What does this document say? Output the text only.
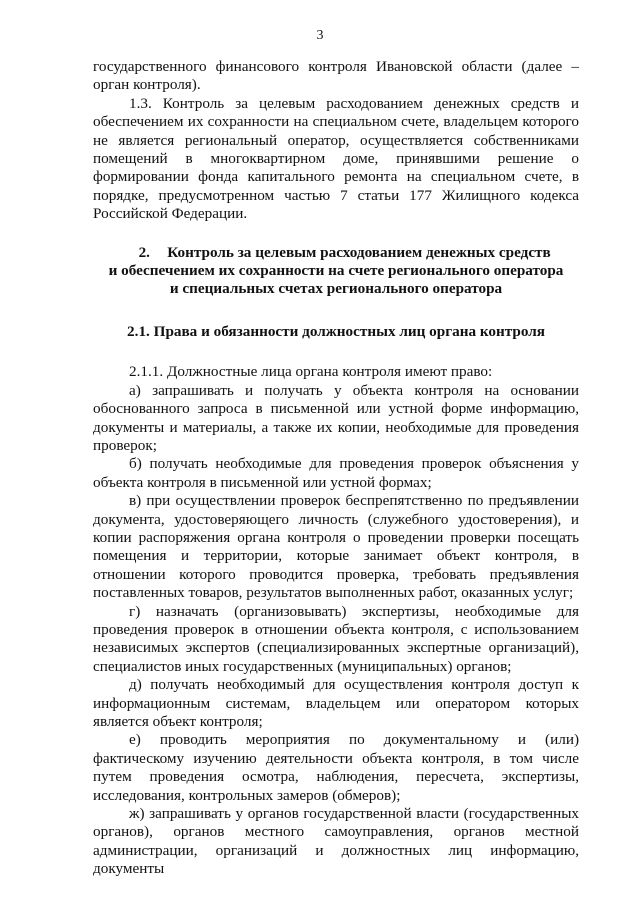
3

государственного финансового контроля Ивановской области (далее – орган контроля).

1.3. Контроль за целевым расходованием денежных средств и обеспечением их сохранности на специальном счете, владельцем которого не является региональный оператор, осуществляется собственниками помещений в многоквартирном доме, принявшими решение о формировании фонда капитального ремонта на специальном счете, в порядке, предусмотренном частью 7 статьи 177 Жилищного кодекса Российской Федерации.

2. Контроль за целевым расходованием денежных средств
и обеспечением их сохранности на счете регионального оператора
и специальных счетах регионального оператора
2.1. Права и обязанности должностных лиц органа контроля

2.1.1. Должностные лица органа контроля имеют право:

а) запрашивать и получать у объекта контроля на основании обоснованного запроса в письменной или устной форме информацию, документы и материалы, а также их копии, необходимые для проведения проверок;

б) получать необходимые для проведения проверок объяснения у объекта контроля в письменной или устной формах;

в) при осуществлении проверок беспрепятственно по предъявлении документа, удостоверяющего личность (служебного удостоверения), и копии распоряжения органа контроля о проведении проверки посещать помещения и территории, которые занимает объект контроля, в отношении которого проводится проверка, требовать предъявления поставленных товаров, результатов выполненных работ, оказанных услуг;

г) назначать (организовывать) экспертизы, необходимые для проведения проверок в отношении объекта контроля, с использованием независимых экспертов (специализированных экспертные организаций), специалистов иных государственных (муниципальных) органов;

д) получать необходимый для осуществления контроля доступ к информационным системам, владельцем или оператором которых является объект контроля;

е) проводить мероприятия по документальному и (или) фактическому изучению деятельности объекта контроля, в том числе путем проведения осмотра, наблюдения, пересчета, экспертизы, исследования, контрольных замеров (обмеров);

ж) запрашивать у органов государственной власти (государственных органов), органов местного самоуправления, органов местной администрации, организаций и должностных лиц информацию, документы
